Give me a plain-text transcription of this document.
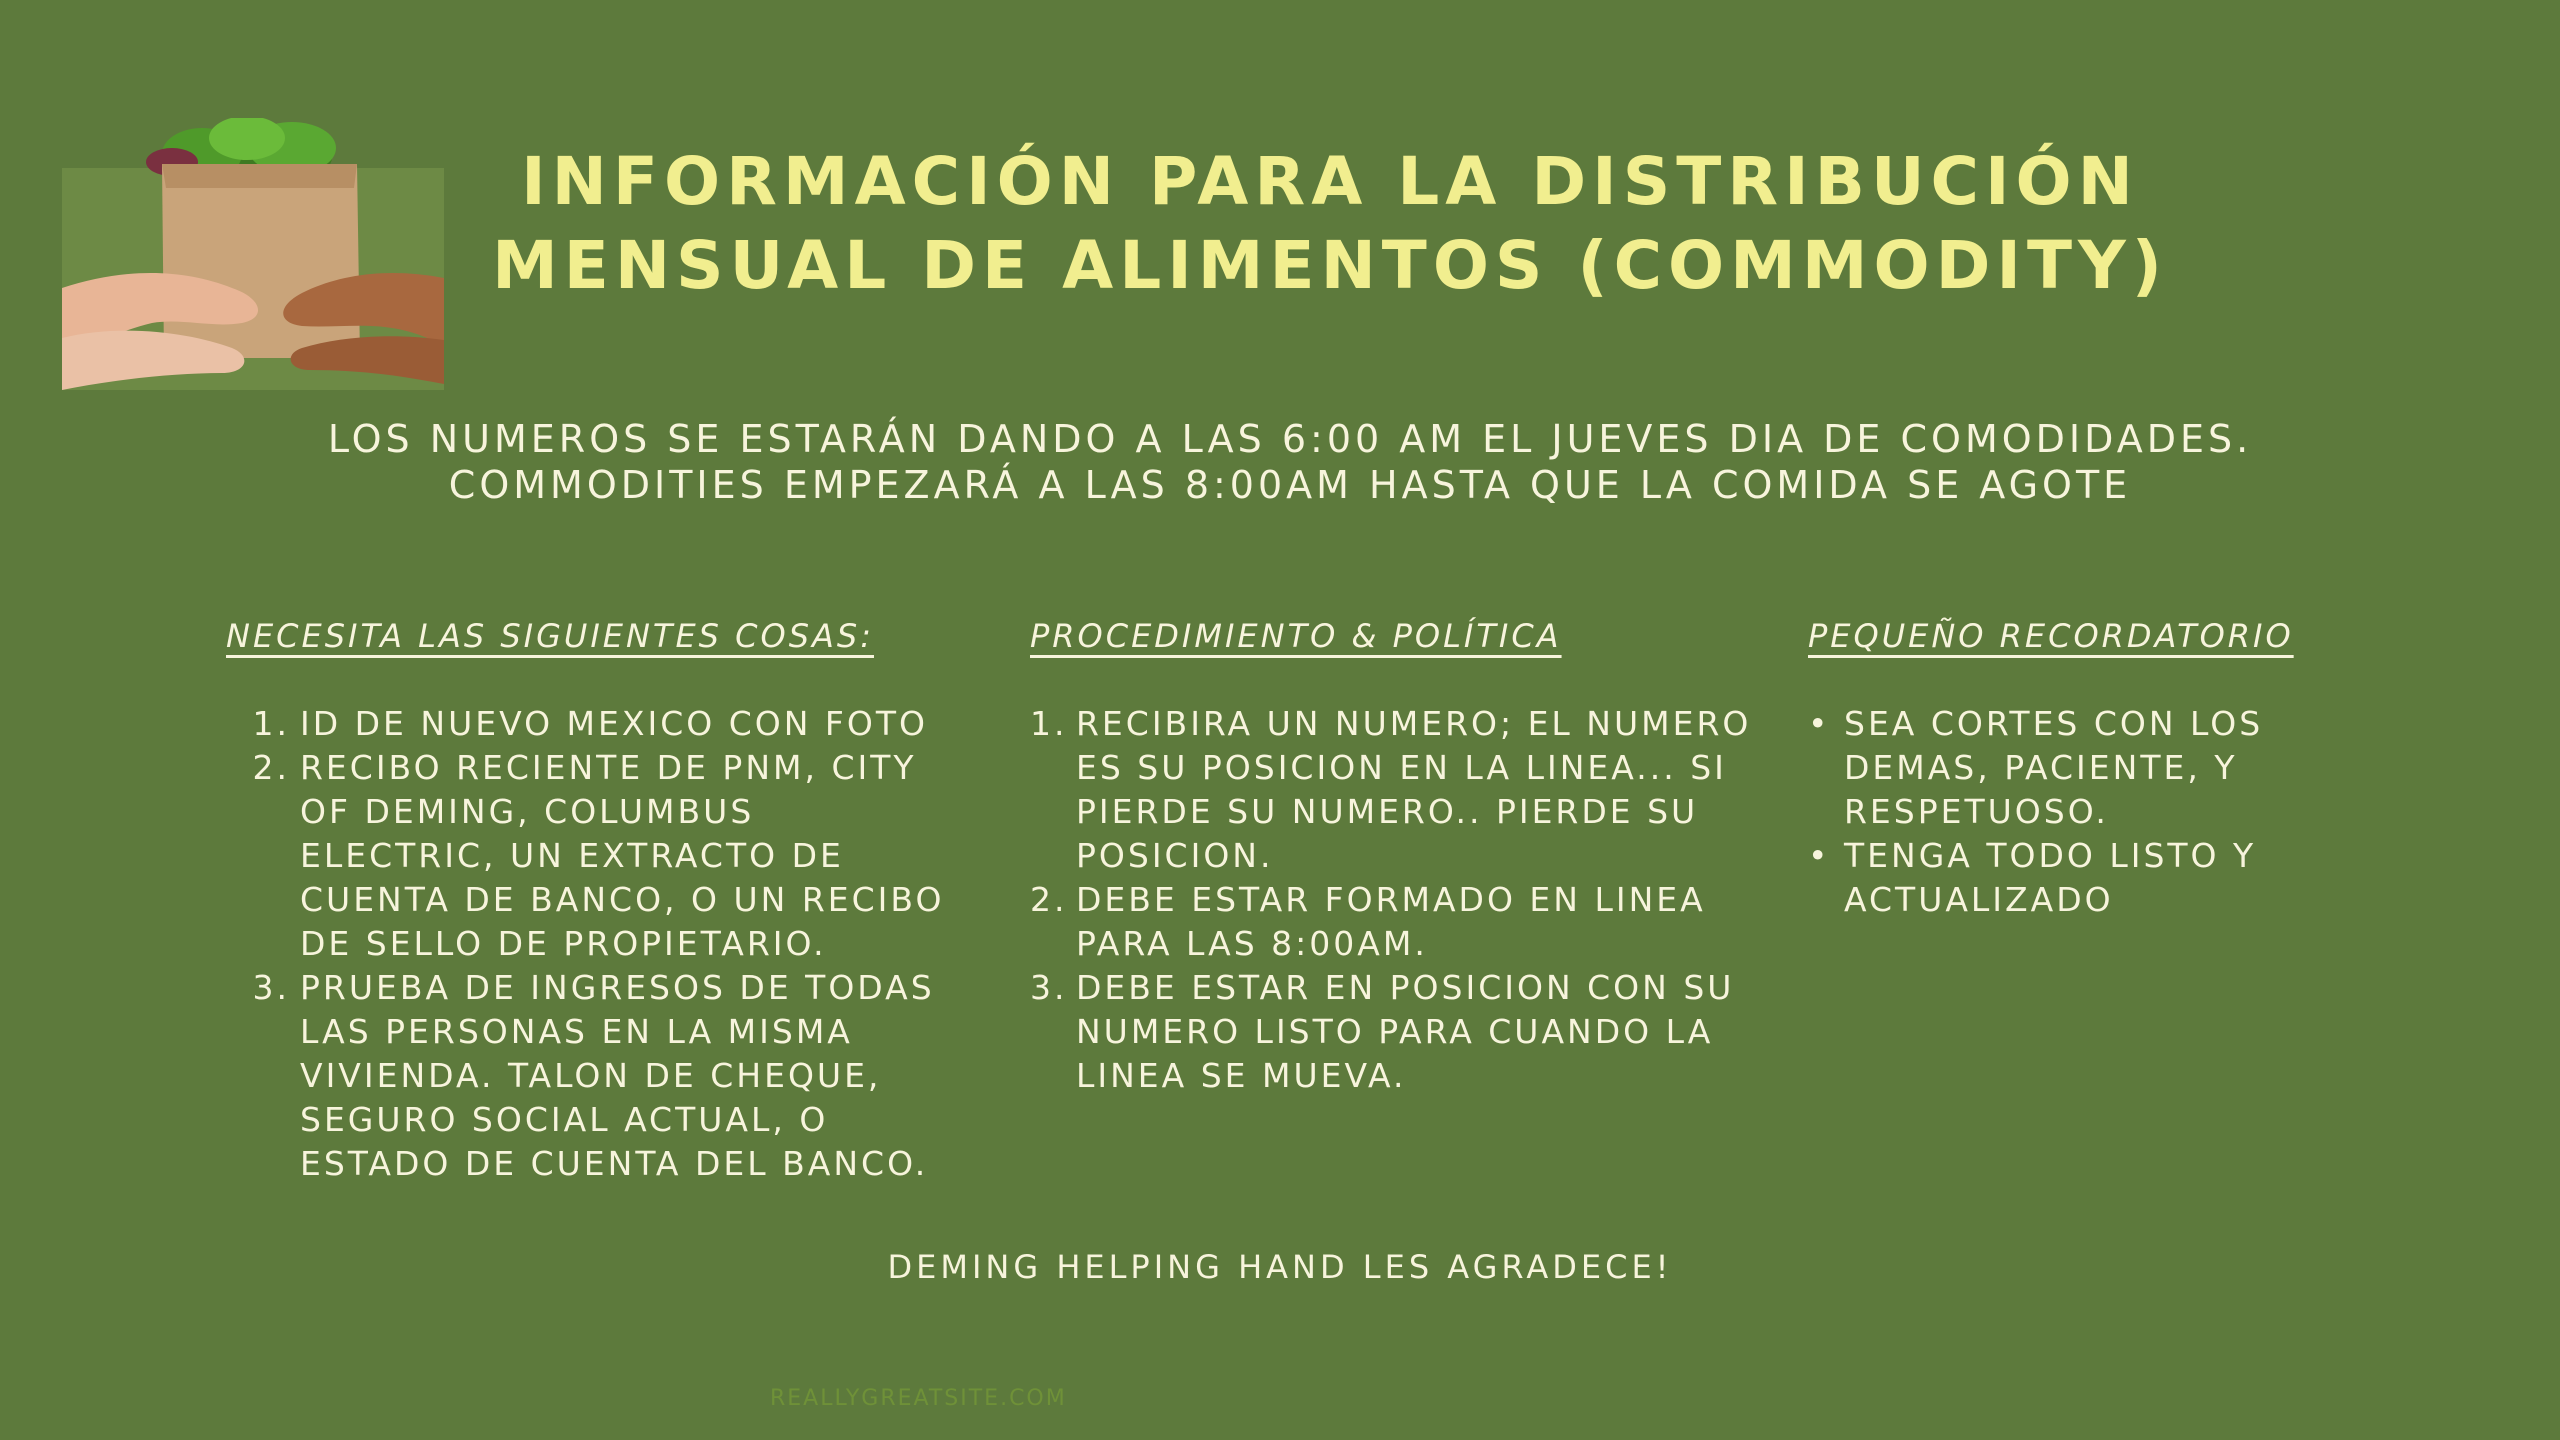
INFORMACIÓN PARA LA DISTRIBUCIÓN
MENSUAL DE ALIMENTOS (COMMODITY)
LOS NUMEROS SE ESTARÁN DANDO A LAS 6:00 AM EL JUEVES DIA DE COMODIDADES.
COMMODITIES EMPEZARÁ A LAS 8:00AM HASTA QUE LA COMIDA SE AGOTE
NECESITA LAS SIGUIENTES COSAS:
1. ID DE NUEVO MEXICO CON FOTO
2. RECIBO RECIENTE DE PNM, CITY OF DEMING, COLUMBUS ELECTRIC, UN EXTRACTO DE CUENTA DE BANCO, O UN RECIBO DE SELLO DE PROPIETARIO.
3. PRUEBA DE INGRESOS DE TODAS LAS PERSONAS EN LA MISMA VIVIENDA. TALON DE CHEQUE, SEGURO SOCIAL ACTUAL, O ESTADO DE CUENTA DEL BANCO.
PROCEDIMIENTO & POLÍTICA
1. RECIBIRA UN NUMERO; EL NUMERO ES SU POSICION EN LA LINEA... SI PIERDE SU NUMERO.. PIERDE SU POSICION.
2. DEBE ESTAR FORMADO EN LINEA PARA LAS 8:00AM.
3. DEBE ESTAR EN POSICION CON SU NUMERO LISTO PARA CUANDO LA LINEA SE MUEVA.
PEQUEÑO RECORDATORIO
• SEA CORTES CON LOS DEMAS, PACIENTE, Y RESPETUOSO.
• TENGA TODO LISTO Y ACTUALIZADO
DEMING HELPING HAND LES AGRADECE!
REALLYGREATSITE.COM
